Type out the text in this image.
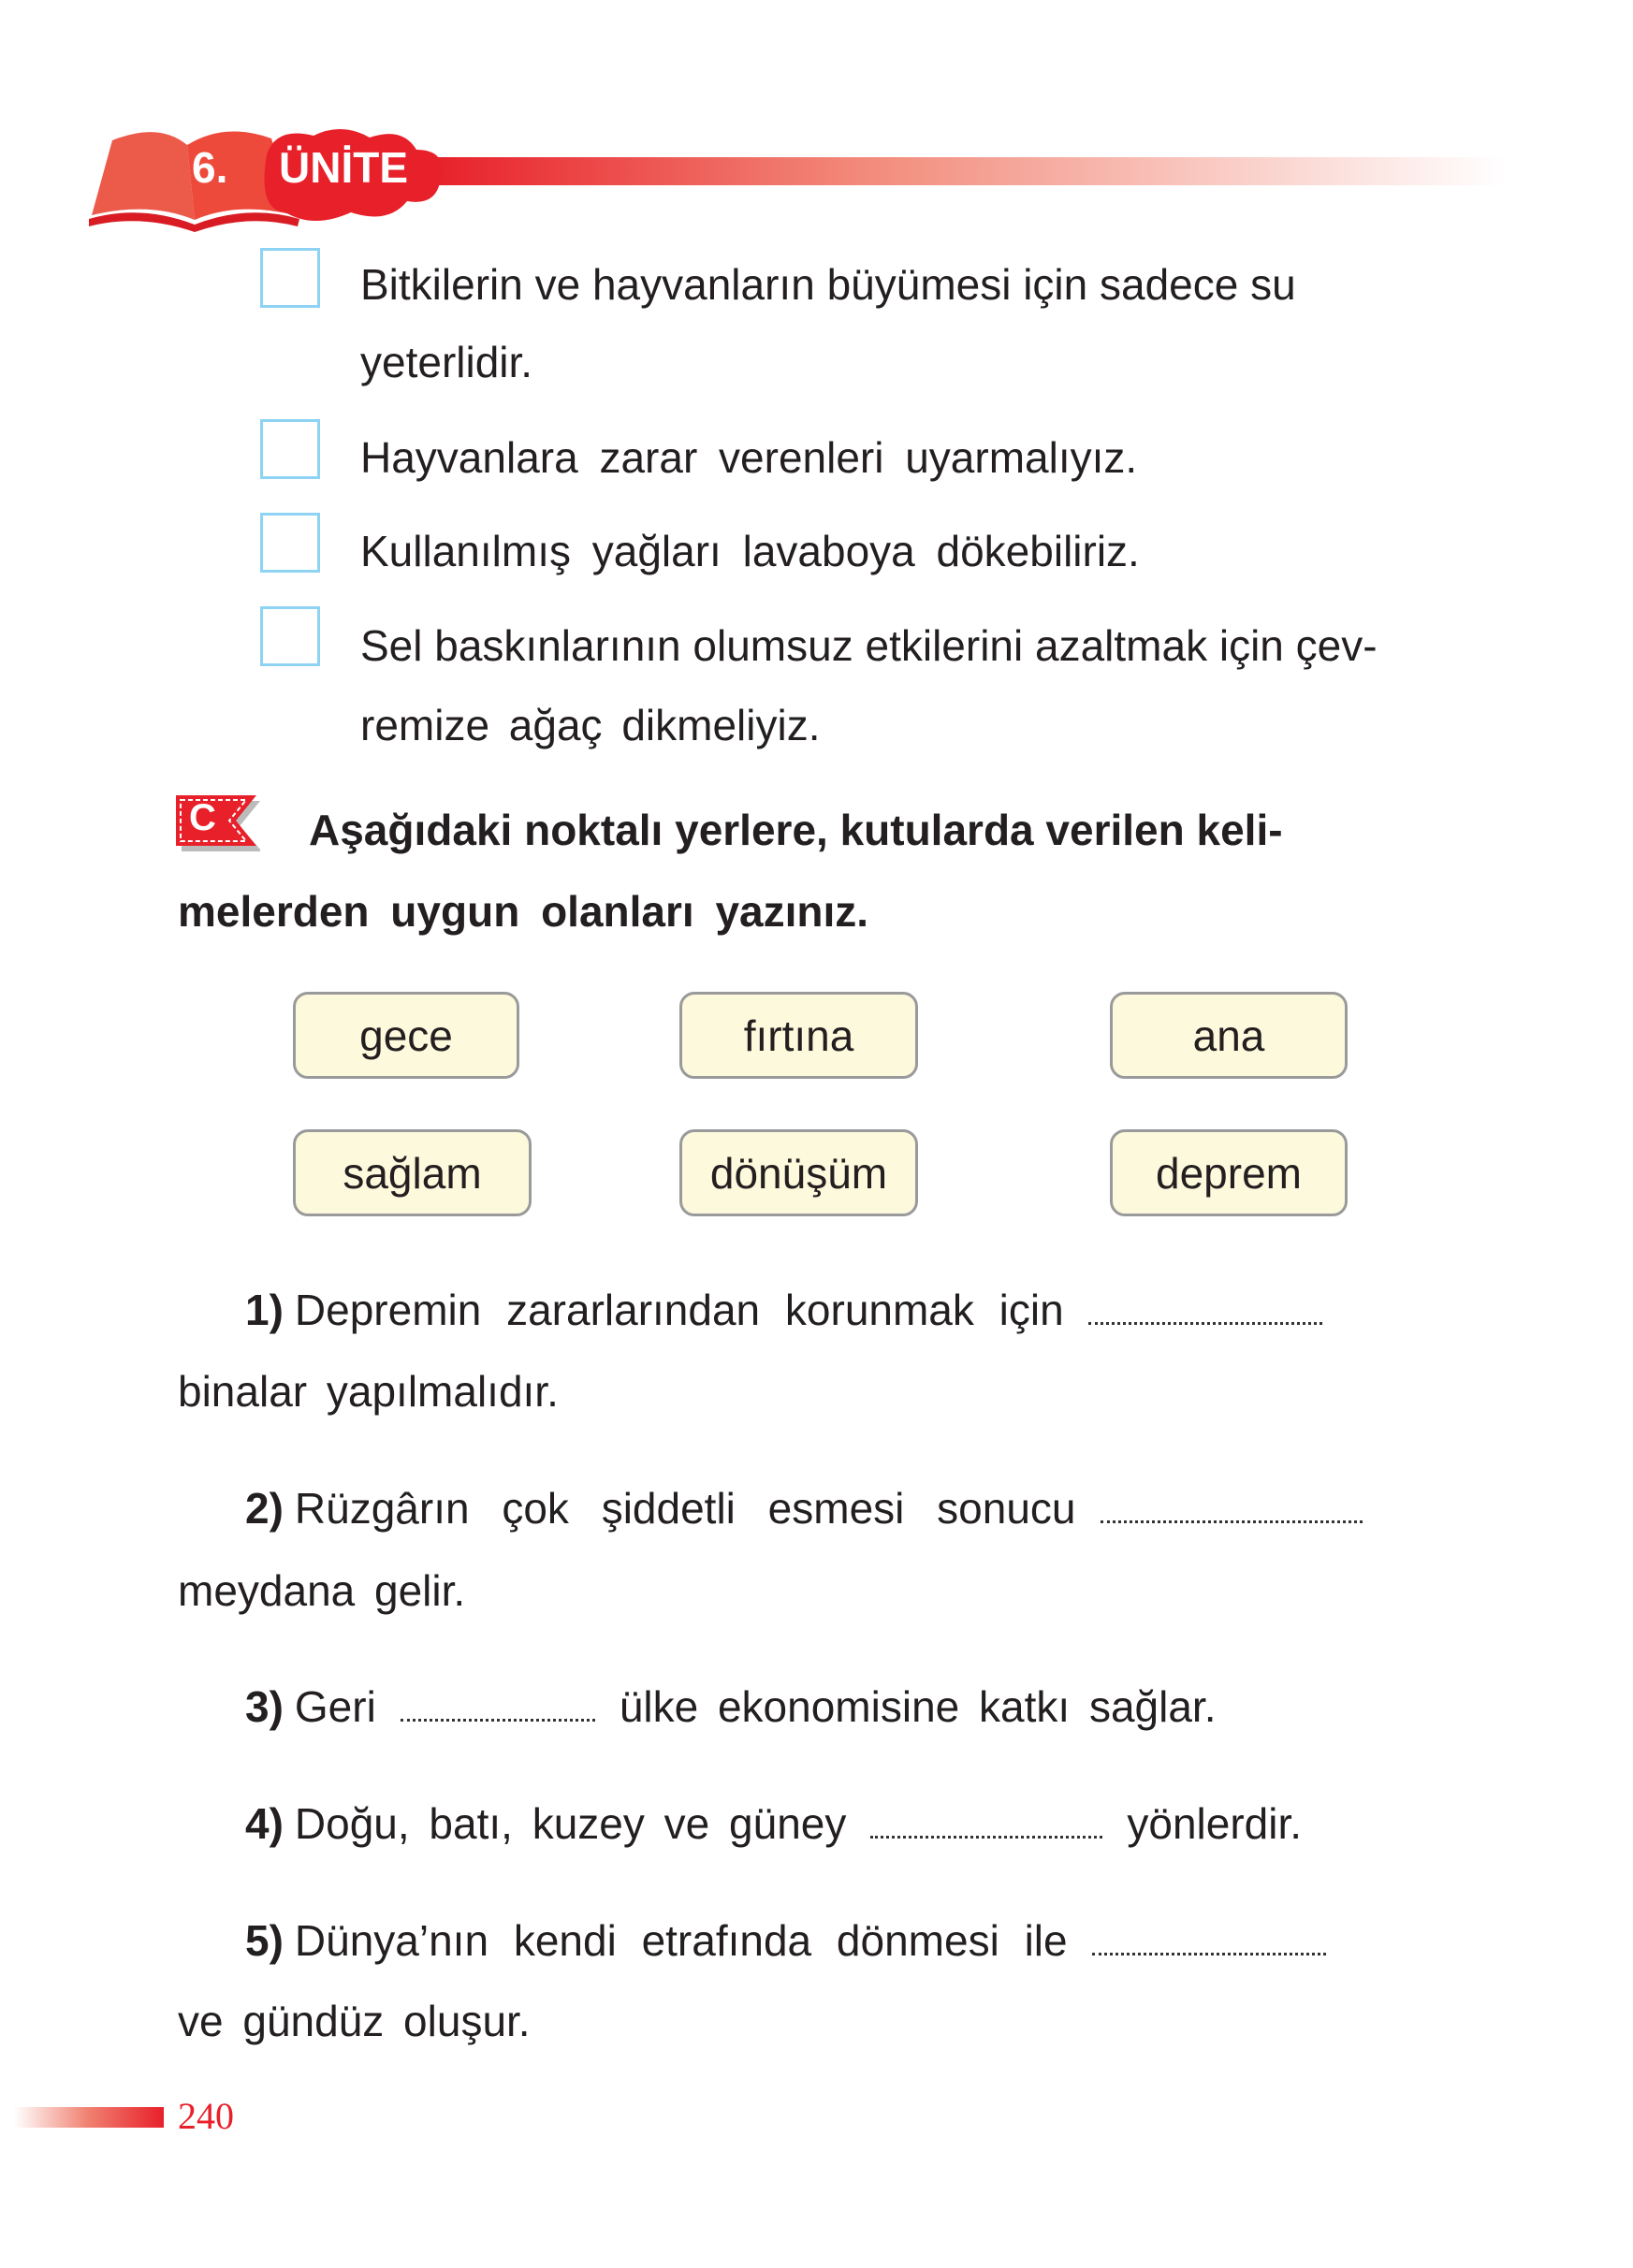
6. ÜNİTE
Bitkilerin ve hayvanların büyümesi için sadece su
yeterlidir.
Hayvanlara zarar verenleri uyarmalıyız.
Kullanılmış yağları lavaboya dökebiliriz.
Sel baskınlarının olumsuz etkilerini azaltmak için çev-
remize ağaç dikmeliyiz.
C Aşağıdaki noktalı yerlere, kutularda verilen keli-
melerden uygun olanları yazınız.
gece	fırtına	ana
sağlam	dönüşüm	deprem
1) Depremin zararlarından korunmak için
binalar yapılmalıdır.
2) Rüzgârın çok şiddetli esmesi sonucu
meydana gelir.
3) Geri	ülke ekonomisine katkı sağlar.
4) Doğu, batı, kuzey ve güney	yönlerdir.
5) Dünya’nın kendi etrafında dönmesi ile
ve gündüz oluşur.
240
